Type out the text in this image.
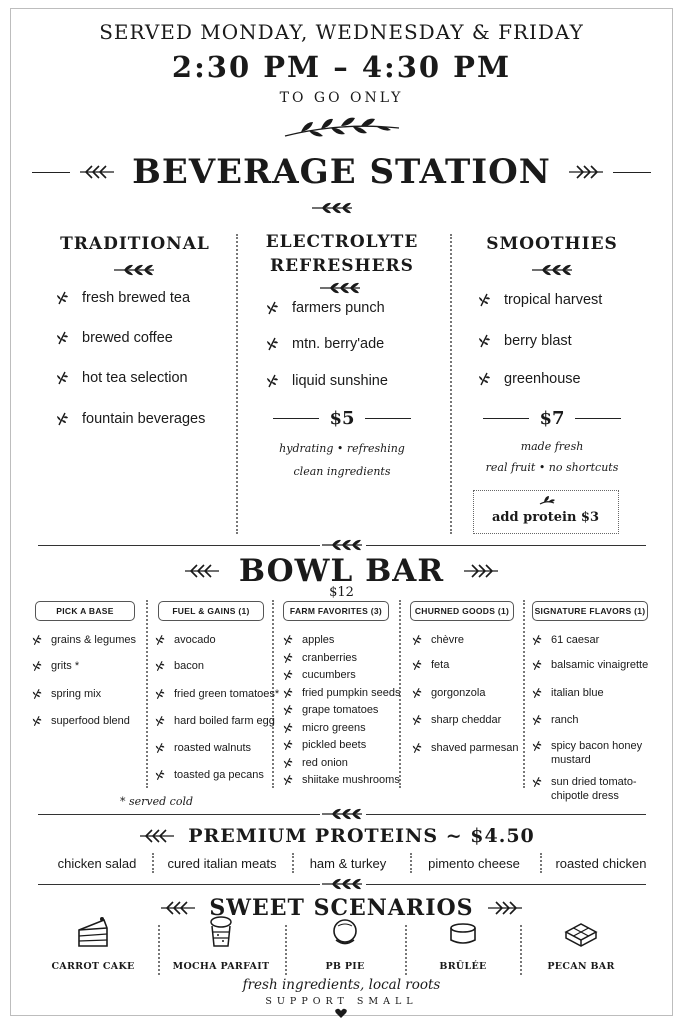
SERVED MONDAY, WEDNESDAY & FRIDAY
2:30 PM – 4:30 PM
TO GO ONLY
BEVERAGE STATION
TRADITIONAL
fresh brewed tea
brewed coffee
hot tea selection
fountain beverages
ELECTROLYTE
REFRESHERS
farmers punch
mtn. berry'ade
liquid sunshine
$5
hydrating • refreshing
clean ingredients
SMOOTHIES
tropical harvest
berry blast
greenhouse
$7
made fresh
real fruit • no shortcuts
add protein $3
BOWL BAR
$12
PICK A BASE	FUEL & GAINS (1)	FARM FAVORITES (3)	CHURNED GOODS (1)	SIGNATURE FLAVORS (1)
grains & legumes
grits *
spring mix
superfood blend
avocado
bacon
fried green tomatoes*
hard boiled farm egg
roasted walnuts
toasted ga pecans
apples
cranberries
cucumbers
fried pumpkin seeds
grape tomatoes
micro greens
pickled beets
red onion
shiitake mushrooms
chèvre
feta
gorgonzola
sharp cheddar
shaved parmesan
61 caesar
balsamic vinaigrette
italian blue
ranch
spicy bacon honey mustard
sun dried tomato-chipotle dress
* served cold
PREMIUM PROTEINS ~ $4.50
chicken salad	cured italian meats	ham & turkey	pimento cheese	roasted chicken
SWEET SCENARIOS
CARROT CAKE	MOCHA PARFAIT	PB PIE	BRÛLÉE	PECAN BAR
fresh ingredients, local roots
SUPPORT SMALL
